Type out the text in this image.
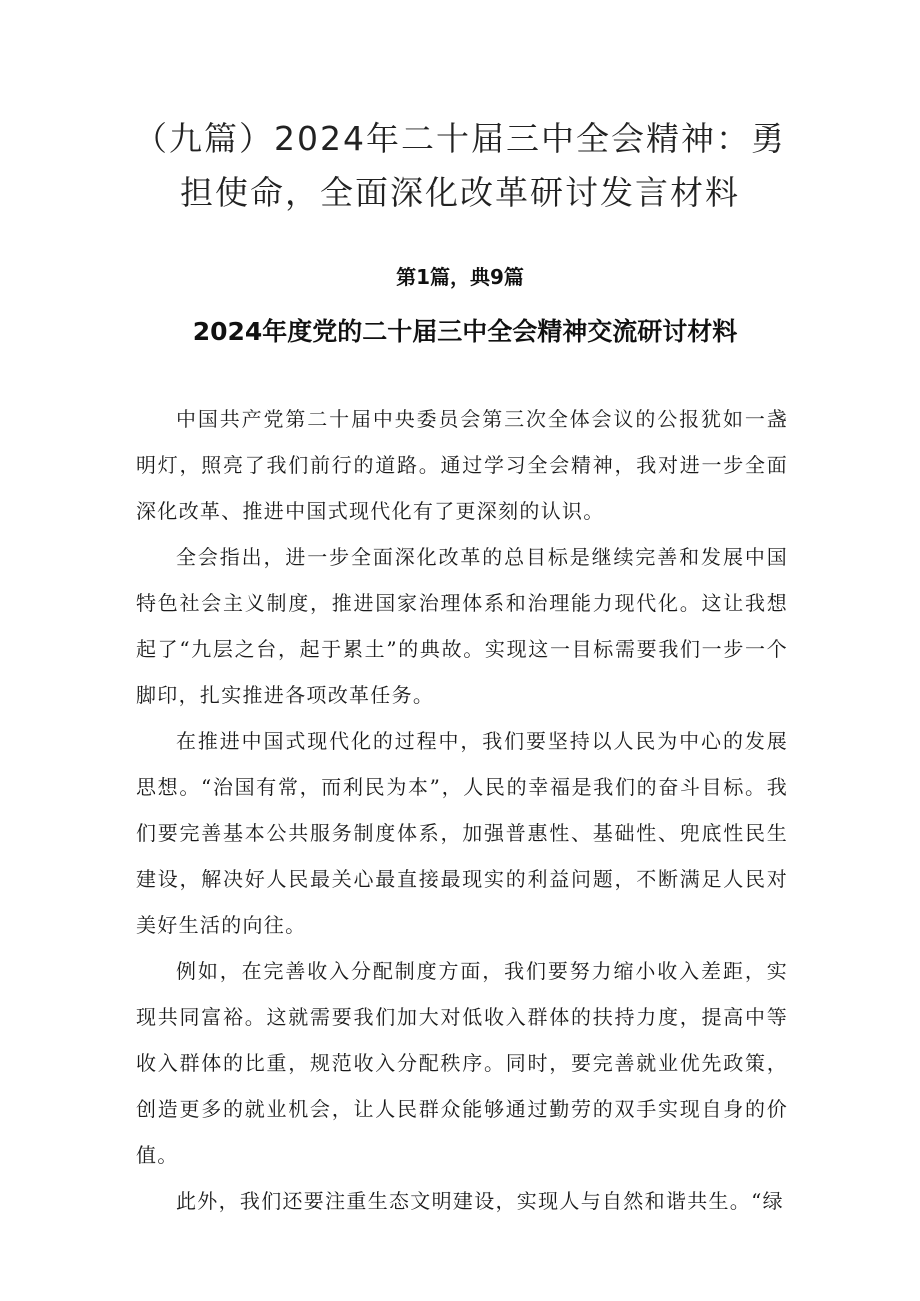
（九篇）2024年二十届三中全会精神：勇担使命，全面深化改革研讨发言材料
第1篇，典9篇
2024年度党的二十届三中全会精神交流研讨材料

中国共产党第二十届中央委员会第三次全体会议的公报犹如一盏明灯，照亮了我们前行的道路。通过学习全会精神，我对进一步全面深化改革、推进中国式现代化有了更深刻的认识。

全会指出，进一步全面深化改革的总目标是继续完善和发展中国特色社会主义制度，推进国家治理体系和治理能力现代化。这让我想起了“九层之台，起于累土”的典故。实现这一目标需要我们一步一个脚印，扎实推进各项改革任务。

在推进中国式现代化的过程中，我们要坚持以人民为中心的发展思想。“治国有常，而利民为本”，人民的幸福是我们的奋斗目标。我们要完善基本公共服务制度体系，加强普惠性、基础性、兜底性民生建设，解决好人民最关心最直接最现实的利益问题，不断满足人民对美好生活的向往。

例如，在完善收入分配制度方面，我们要努力缩小收入差距，实现共同富裕。这就需要我们加大对低收入群体的扶持力度，提高中等收入群体的比重，规范收入分配秩序。同时，要完善就业优先政策，创造更多的就业机会，让人民群众能够通过勤劳的双手实现自身的价值。

此外，我们还要注重生态文明建设，实现人与自然和谐共生。“绿
